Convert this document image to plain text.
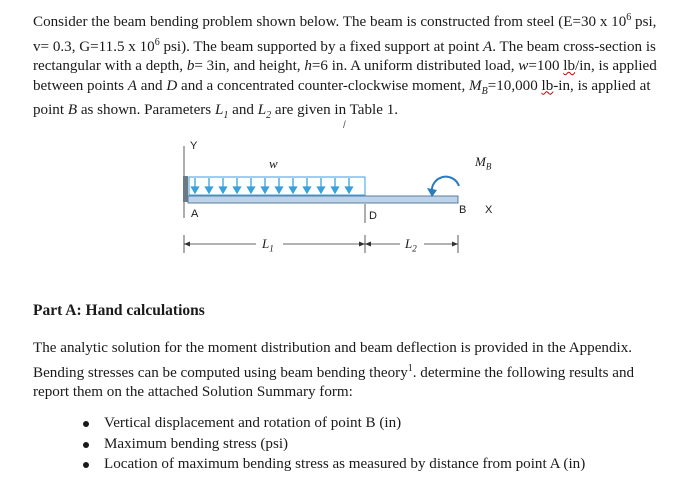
Consider the beam bending problem shown below. The beam is constructed from steel (E=30 x $10^6$ psi, v= 0.3, G=11.5 x $10^6$ psi). The beam supported by a fixed support at point A. The beam cross-section is rectangular with a depth, b= 3in, and height, h=6 in. A uniform distributed load, w=100 lb/in, is applied between points A and D and a concentrated counter-clockwise moment, $M_B=10,000$ lb-in, is applied at point B as shown. Parameters $L_1$ and $L_2$ are given in Table 1.

Y
w	$M_B$
/
A	D	B X
$L_1$	$L_2$
Part A: Hand calculations

The analytic solution for the moment distribution and beam deflection is provided in the Appendix. Bending stresses can be computed using beam bending theory$^1$. determine the following results and report them on the attached Solution Summary form:

Vertical displacement and rotation of point B (in)
Maximum bending stress (psi)
Location of maximum bending stress as measured by distance from point A (in)
